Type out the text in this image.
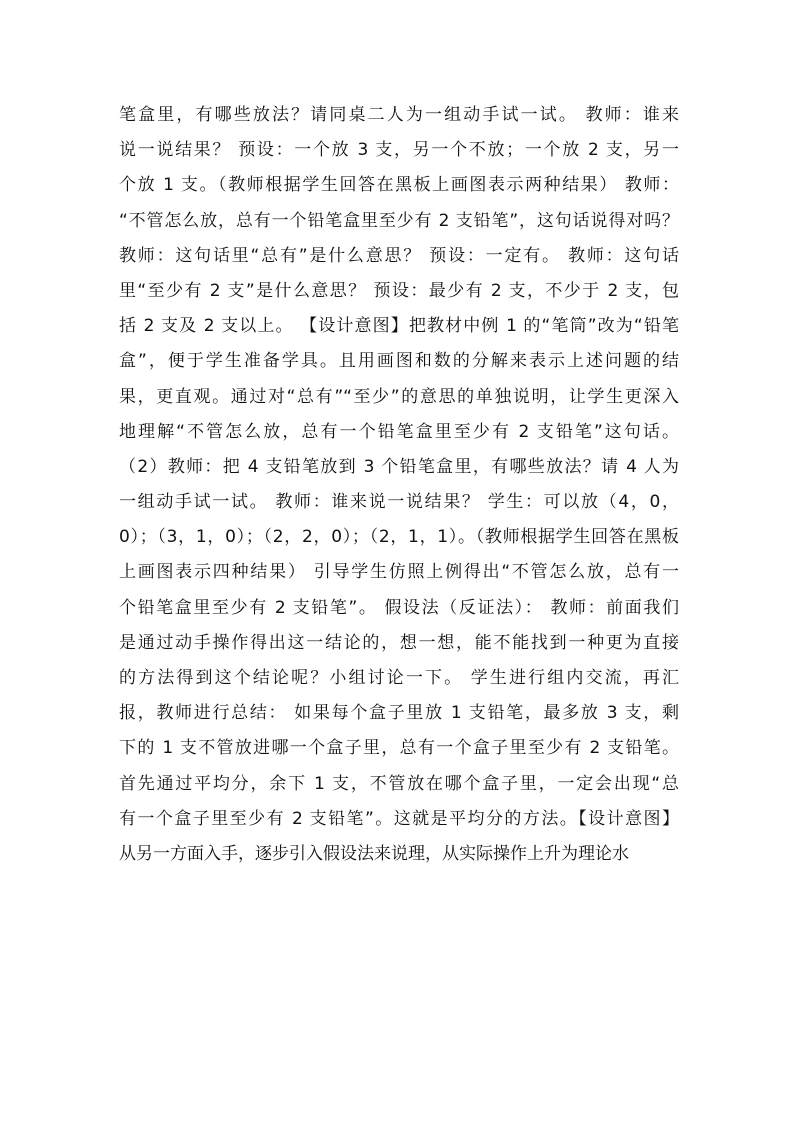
笔盒里，有哪些放法？请同桌二人为一组动手试一试。 教师：谁来
说一说结果？ 预设：一个放 3 支，另一个不放；一个放 2 支，另一
个放 1 支。（教师根据学生回答在黑板上画图表示两种结果） 教师：
“不管怎么放，总有一个铅笔盒里至少有 2 支铅笔”，这句话说得对吗？
教师：这句话里“总有”是什么意思？ 预设：一定有。 教师：这句话
里“至少有 2 支”是什么意思？ 预设：最少有 2 支，不少于 2 支，包
括 2 支及 2 支以上。 【设计意图】把教材中例 1 的“笔筒”改为“铅笔
盒”，便于学生准备学具。且用画图和数的分解来表示上述问题的结
果，更直观。通过对“总有”“至少”的意思的单独说明，让学生更深入
地理解“不管怎么放，总有一个铅笔盒里至少有 2 支铅笔”这句话。
（2）教师：把 4 支铅笔放到 3 个铅笔盒里，有哪些放法？请 4 人为
一组动手试一试。 教师：谁来说一说结果？ 学生：可以放（4，0，
0）；（3，1，0）；（2，2，0）；（2，1，1）。（教师根据学生回答在黑板
上画图表示四种结果） 引导学生仿照上例得出“不管怎么放，总有一
个铅笔盒里至少有 2 支铅笔”。 假设法（反证法）： 教师：前面我们
是通过动手操作得出这一结论的，想一想，能不能找到一种更为直接
的方法得到这个结论呢？小组讨论一下。 学生进行组内交流，再汇
报，教师进行总结： 如果每个盒子里放 1 支铅笔，最多放 3 支，剩
下的 1 支不管放进哪一个盒子里，总有一个盒子里至少有 2 支铅笔。
首先通过平均分，余下 1 支，不管放在哪个盒子里，一定会出现“总
有一个盒子里至少有 2 支铅笔”。这就是平均分的方法。【设计意图】
从另一方面入手，逐步引入假设法来说理，从实际操作上升为理论水
